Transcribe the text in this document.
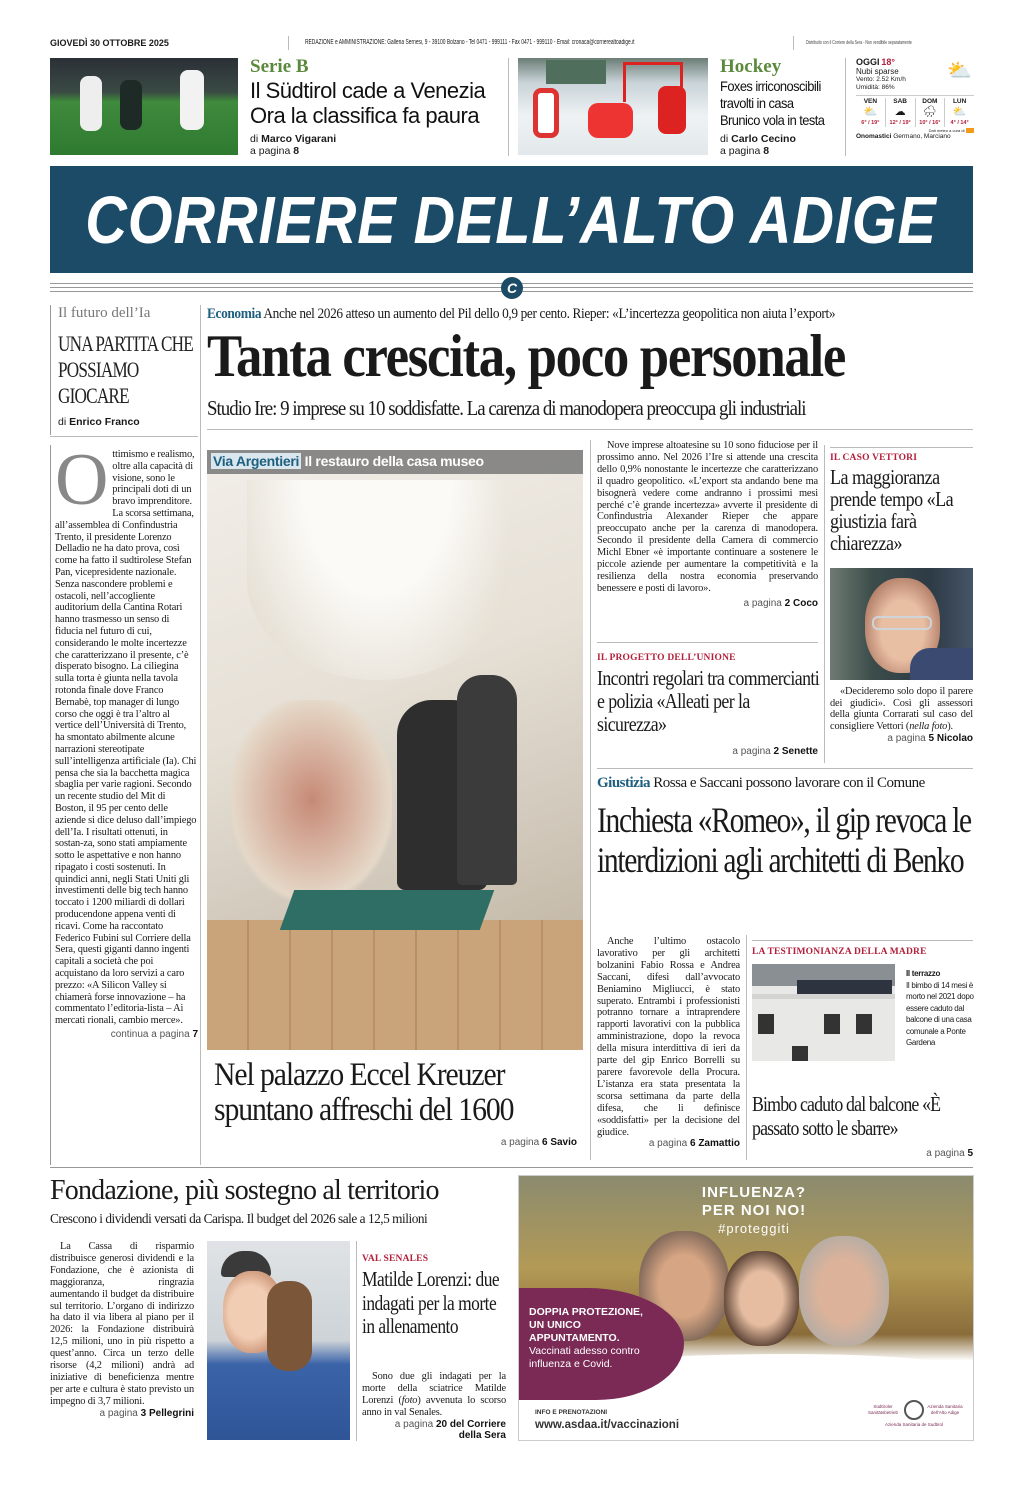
GIOVEDÌ 30 OTTOBRE 2025	REDAZIONE e AMMINISTRAZIONE: Galleria Sernesi, 9 - 39100 Bolzano - Tel 0471 - 999111 - Fax 0471 - 999110 - Email: cronaca@corrierealtoadige.it	Distribuito con il Corriere della Sera - Non vendibile separatamente
Serie B
Il Südtirol cade a Venezia
Ora la classifica fa paura
di Marco Vigarani
a pagina 8
Hockey
Foxes irriconoscibili
travolti in casa
Brunico vola in testa
di Carlo Cecino
a pagina 8
OGGI 18°
Nubi sparse
Vento: 2.52 Km/h
Umidità: 86%
⛅
VEN
⛅
6° / 19°
SAB
☁
12° / 19°
DOM
🌧
10° / 16°
LUN
⛅
4° / 14°
Dati meteo a cura di ■
Onomastici Germano, Marciano
CORRIERE DELL’ALTO ADIGE
C
Il futuro dell’Ia
UNA PARTITA CHE POSSIAMO GIOCARE
di Enrico Franco
Ottimismo e realismo, oltre alla capacità di visione, sono le principali doti di un bravo imprenditore. La scorsa settimana, all’assemblea di Confindustria Trento, il presidente Lorenzo Delladio ne ha dato prova, così come ha fatto il sudtirolese Stefan Pan, vicepresidente nazionale. Senza nascondere problemi e ostacoli, nell’accogliente auditorium della Cantina Rotari hanno trasmesso un senso di fiducia nel futuro di cui, considerando le molte incertezze che caratterizzano il presente, c’è disperato bisogno. La ciliegina sulla torta è giunta nella tavola rotonda finale dove Franco Bernabè, top manager di lungo corso che oggi è tra l’altro al vertice dell’Università di Trento, ha smontato abilmente alcune narrazioni stereotipate sull’intelligenza artificiale (Ia). Chi pensa che sia la bacchetta magica sbaglia per varie ragioni. Secondo un recente studio del Mit di Boston, il 95 per cento delle aziende si dice deluso dall’impiego dell’Ia. I risultati ottenuti, in sostan-za, sono stati ampiamente sotto le aspettative e non hanno ripagato i costi sostenuti. In quindici anni, negli Stati Uniti gli investimenti delle big tech hanno toccato i 1200 miliardi di dollari producendone appena venti di ricavi. Come ha raccontato Federico Fubini sul Corriere della Sera, questi giganti danno ingenti capitali a società che poi acquistano da loro servizi a caro prezzo: «A Silicon Valley si chiamerà forse innovazione – ha commentato l’editoria-lista – Ai mercati rionali, cambio merce».
continua a pagina 7
Economia Anche nel 2026 atteso un aumento del Pil dello 0,9 per cento. Rieper: «L’incertezza geopolitica non aiuta l’export»
Tanta crescita, poco personale
Studio Ire: 9 imprese su 10 soddisfatte. La carenza di manodopera preoccupa gli industriali
Via Argentieri Il restauro della casa museo
Nel palazzo Eccel Kreuzer spuntano affreschi del 1600
a pagina 6 Savio
Nove imprese altoatesine su 10 sono fiduciose per il prossimo anno. Nel 2026 l’Ire si attende una crescita dello 0,9% nonostante le incertezze che caratterizzano il quadro geopolitico. «L’export sta andando bene ma bisognerà vedere come andranno i prossimi mesi perché c’è grande incertezza» avverte il presidente di Confindustria Alexander Rieper che appare preoccupato anche per la carenza di manodopera. Secondo il presidente della Camera di commercio Michl Ebner «è importante continuare a sostenere le piccole aziende per aumentare la competitività e la resilienza della nostra economia preservando benessere e posti di lavoro».
a pagina 2 Coco
IL PROGETTO DELL’UNIONE
Incontri regolari tra commercianti e polizia «Alleati per la sicurezza»
a pagina 2 Senette
IL CASO VETTORI
La maggioranza prende tempo «La giustizia farà chiarezza»
«Decideremo solo dopo il parere dei giudici». Così gli assessori della giunta Corrarati sul caso del consigliere Vettori (nella foto).
a pagina 5 Nicolao
Giustizia Rossa e Saccani possono lavorare con il Comune
Inchiesta «Romeo», il gip revoca le interdizioni agli architetti di Benko
Anche l’ultimo ostacolo lavorativo per gli architetti bolzanini Fabio Rossa e Andrea Saccani, difesi dall’avvocato Beniamino Migliucci, è stato superato. Entrambi i professionisti potranno tornare a intraprendere rapporti lavorativi con la pubblica amministrazione, dopo la revoca della misura interdittiva di ieri da parte del gip Enrico Borrelli su parere favorevole della Procura. L’istanza era stata presentata la scorsa settimana da parte della difesa, che li definisce «soddisfatti» per la decisione del giudice.
a pagina 6 Zamattio
LA TESTIMONIANZA DELLA MADRE
Il terrazzo
Il bimbo di 14 mesi è morto nel 2021 dopo essere caduto dal balcone di una casa comunale a Ponte Gardena
Bimbo caduto dal balcone «È passato sotto le sbarre»
a pagina 5
Fondazione, più sostegno al territorio
Crescono i dividendi versati da Carispa. Il budget del 2026 sale a 12,5 milioni
La Cassa di risparmio distribuisce generosi dividendi e la Fondazione, che è azionista di maggioranza, ringrazia aumentando il budget da distribuire sul territorio. L’organo di indirizzo ha dato il via libera al piano per il 2026: la Fondazione distribuirà 12,5 milioni, uno in più rispetto a quest’anno. Circa un terzo delle risorse (4,2 milioni) andrà ad iniziative di beneficienza mentre per arte e cultura è stato previsto un impegno di 3,7 milioni.
a pagina 3 Pellegrini
VAL SENALES
Matilde Lorenzi: due indagati per la morte in allenamento
Sono due gli indagati per la morte della sciatrice Matilde Lorenzi (foto) avvenuta lo scorso anno in val Senales.
a pagina 20 del Corriere della Sera
INFLUENZA?
PER NOI NO!
#proteggiti
DOPPIA PROTEZIONE,
UN UNICO
APPUNTAMENTO.

Vaccinati adesso contro influenza e Covid.
INFO E PRENOTAZIONI
www.asdaa.it/vaccinazioni
Südtiroler Sanitätsbetrieb
Azienda Sanitaria dell’Alto Adige
Azienda Sanitaria de Sudtirol
